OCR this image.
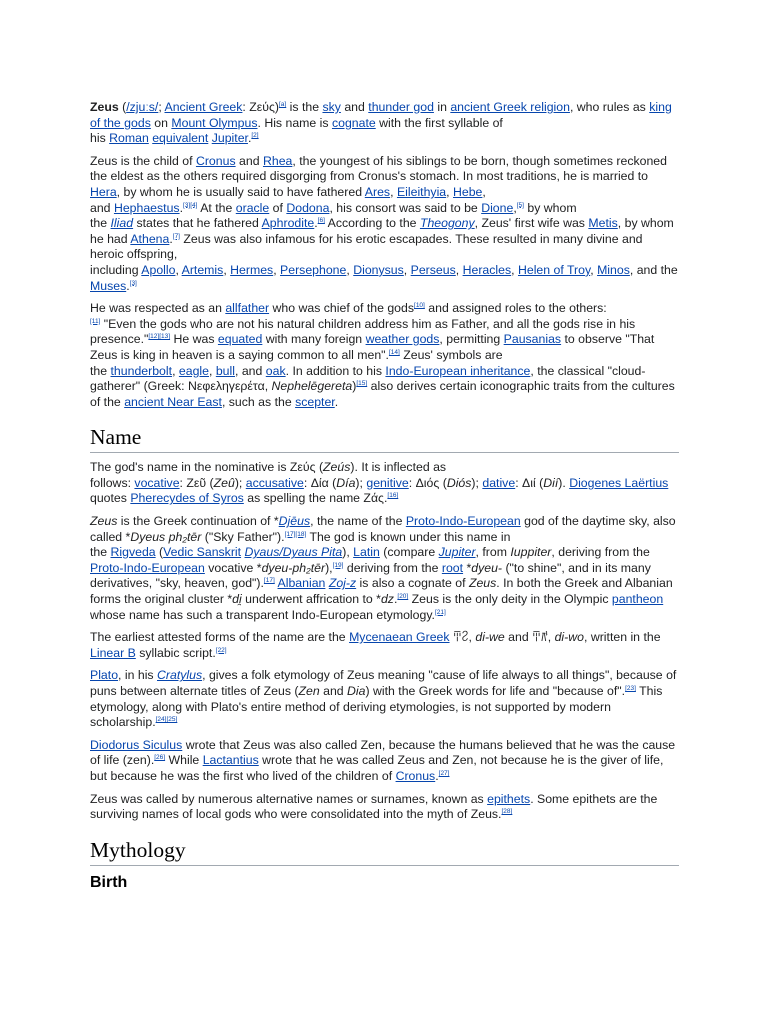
Zeus (/zjuːs/; Ancient Greek: Ζεύς)[a] is the sky and thunder god in ancient Greek religion, who rules as king of the gods on Mount Olympus. His name is cognate with the first syllable of
his Roman equivalent Jupiter.[2]

Zeus is the child of Cronus and Rhea, the youngest of his siblings to be born, though sometimes reckoned the eldest as the others required disgorging from Cronus's stomach. In most traditions, he is married to Hera, by whom he is usually said to have fathered Ares, Eileithyia, Hebe,
and Hephaestus.[3][4] At the oracle of Dodona, his consort was said to be Dione,[5] by whom
the Iliad states that he fathered Aphrodite.[6] According to the Theogony, Zeus' first wife was Metis, by whom he had Athena.[7] Zeus was also infamous for his erotic escapades. These resulted in many divine and heroic offspring,
including Apollo, Artemis, Hermes, Persephone, Dionysus, Perseus, Heracles, Helen of Troy, Minos, and the Muses.[3]

He was respected as an allfather who was chief of the gods[10] and assigned roles to the others:
[11] "Even the gods who are not his natural children address him as Father, and all the gods rise in his presence."[12][13] He was equated with many foreign weather gods, permitting Pausanias to observe "That Zeus is king in heaven is a saying common to all men".[14] Zeus' symbols are
the thunderbolt, eagle, bull, and oak. In addition to his Indo-European inheritance, the classical "cloud-gatherer" (Greek: Νεφεληγερέτα, Nephelēgereta)[15] also derives certain iconographic traits from the cultures of the ancient Near East, such as the scepter.

Name

The god's name in the nominative is Ζεύς (Zeús). It is inflected as
follows: vocative: Ζεῦ (Zeû); accusative: Δία (Día); genitive: Διός (Diós); dative: Διί (Dií). Diogenes Laërtius quotes Pherecydes of Syros as spelling the name Ζάς.[16]

Zeus is the Greek continuation of *Djēus, the name of the Proto-Indo-European god of the daytime sky, also called *Dyeus ph₂tēr ("Sky Father").[17][18] The god is known under this name in
the Rigveda (Vedic Sanskrit Dyaus/Dyaus Pita), Latin (compare Jupiter, from Iuppiter, deriving from the Proto-Indo-European vocative *dyeu-ph₂tēr),[19] deriving from the root *dyeu- ("to shine", and in its many derivatives, "sky, heaven, god").[17] Albanian Zoj-z is also a cognate of Zeus. In both the Greek and Albanian forms the original cluster *di̯ underwent affrication to *dz.[20] Zeus is the only deity in the Olympic pantheon whose name has such a transparent Indo-European etymology.[21]

The earliest attested forms of the name are the Mycenaean Greek 𐀇𐀸, di-we and 𐀇𐀺, di-wo, written in the Linear B syllabic script.[22]

Plato, in his Cratylus, gives a folk etymology of Zeus meaning "cause of life always to all things", because of puns between alternate titles of Zeus (Zen and Dia) with the Greek words for life and "because of".[23] This etymology, along with Plato's entire method of deriving etymologies, is not supported by modern scholarship.[24][25]

Diodorus Siculus wrote that Zeus was also called Zen, because the humans believed that he was the cause of life (zen).[26] While Lactantius wrote that he was called Zeus and Zen, not because he is the giver of life, but because he was the first who lived of the children of Cronus.[27]

Zeus was called by numerous alternative names or surnames, known as epithets. Some epithets are the surviving names of local gods who were consolidated into the myth of Zeus.[28]

Mythology
Birth
